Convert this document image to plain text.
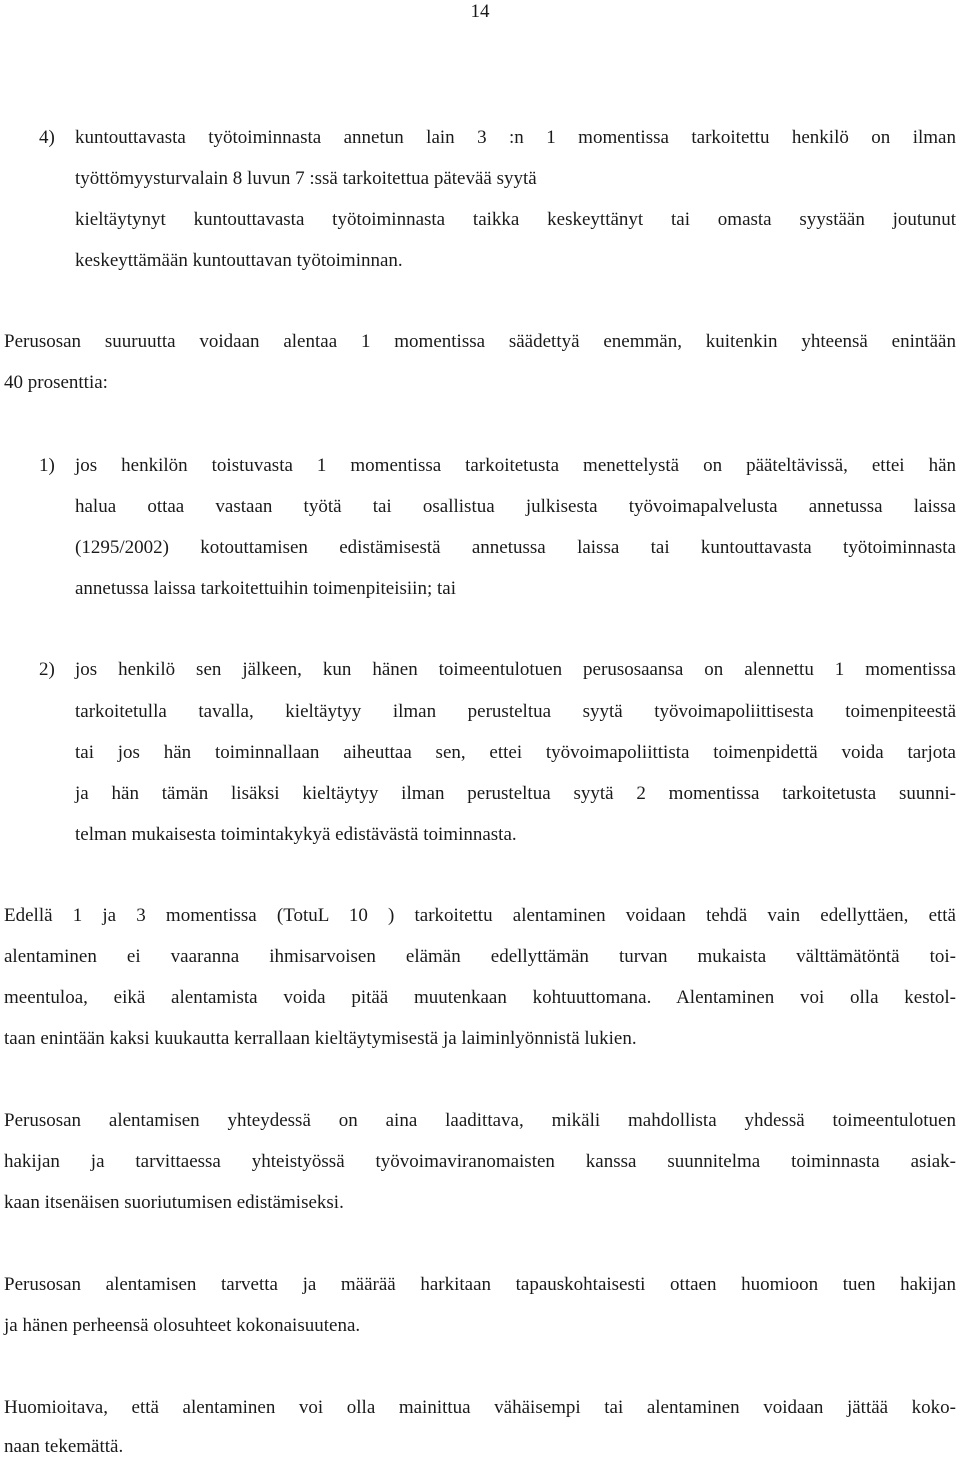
14
4) kuntouttavasta työtoiminnasta annetun lain 3 :n 1 momentissa tarkoitettu henkilö on ilman
työttömyysturvalain 8 luvun 7 :ssä tarkoitettua pätevää syytä
kieltäytynyt kuntouttavasta työtoiminnasta taikka keskeyttänyt tai omasta syystään joutunut
keskeyttämään kuntouttavan työtoiminnan.
Perusosan suuruutta voidaan alentaa 1 momentissa säädettyä enemmän, kuitenkin yhteensä enintään
40 prosenttia:
1) jos henkilön toistuvasta 1 momentissa tarkoitetusta menettelystä on pääteltävissä, ettei hän
halua ottaa vastaan työtä tai osallistua julkisesta työvoimapalvelusta annetussa laissa
(1295/2002) kotouttamisen edistämisestä annetussa laissa tai kuntouttavasta työtoiminnasta
annetussa laissa tarkoitettuihin toimenpiteisiin; tai
2) jos henkilö sen jälkeen, kun hänen toimeentulotuen perusosaansa on alennettu 1 momentissa
tarkoitetulla tavalla, kieltäytyy ilman perusteltua syytä työvoimapoliittisesta toimenpiteestä
tai jos hän toiminnallaan aiheuttaa sen, ettei työvoimapoliittista toimenpidettä voida tarjota
ja hän tämän lisäksi kieltäytyy ilman perusteltua syytä 2 momentissa tarkoitetusta suunni-
telman mukaisesta toimintakykyä edistävästä toiminnasta.
Edellä 1 ja 3 momentissa (TotuL 10 ) tarkoitettu alentaminen voidaan tehdä vain edellyttäen, että
alentaminen ei vaaranna ihmisarvoisen elämän edellyttämän turvan mukaista välttämätöntä toi-
meentuloa, eikä alentamista voida pitää muutenkaan kohtuuttomana. Alentaminen voi olla kestol-
taan enintään kaksi kuukautta kerrallaan kieltäytymisestä ja laiminlyönnistä lukien.
Perusosan alentamisen yhteydessä on aina laadittava, mikäli mahdollista yhdessä toimeentulotuen
hakijan ja tarvittaessa yhteistyössä työvoimaviranomaisten kanssa suunnitelma toiminnasta asiak-
kaan itsenäisen suoriutumisen edistämiseksi.
Perusosan alentamisen tarvetta ja määrää harkitaan tapauskohtaisesti ottaen huomioon tuen hakijan
ja hänen perheensä olosuhteet kokonaisuutena.
Huomioitava, että alentaminen voi olla mainittua vähäisempi tai alentaminen voidaan jättää koko-
naan tekemättä.
